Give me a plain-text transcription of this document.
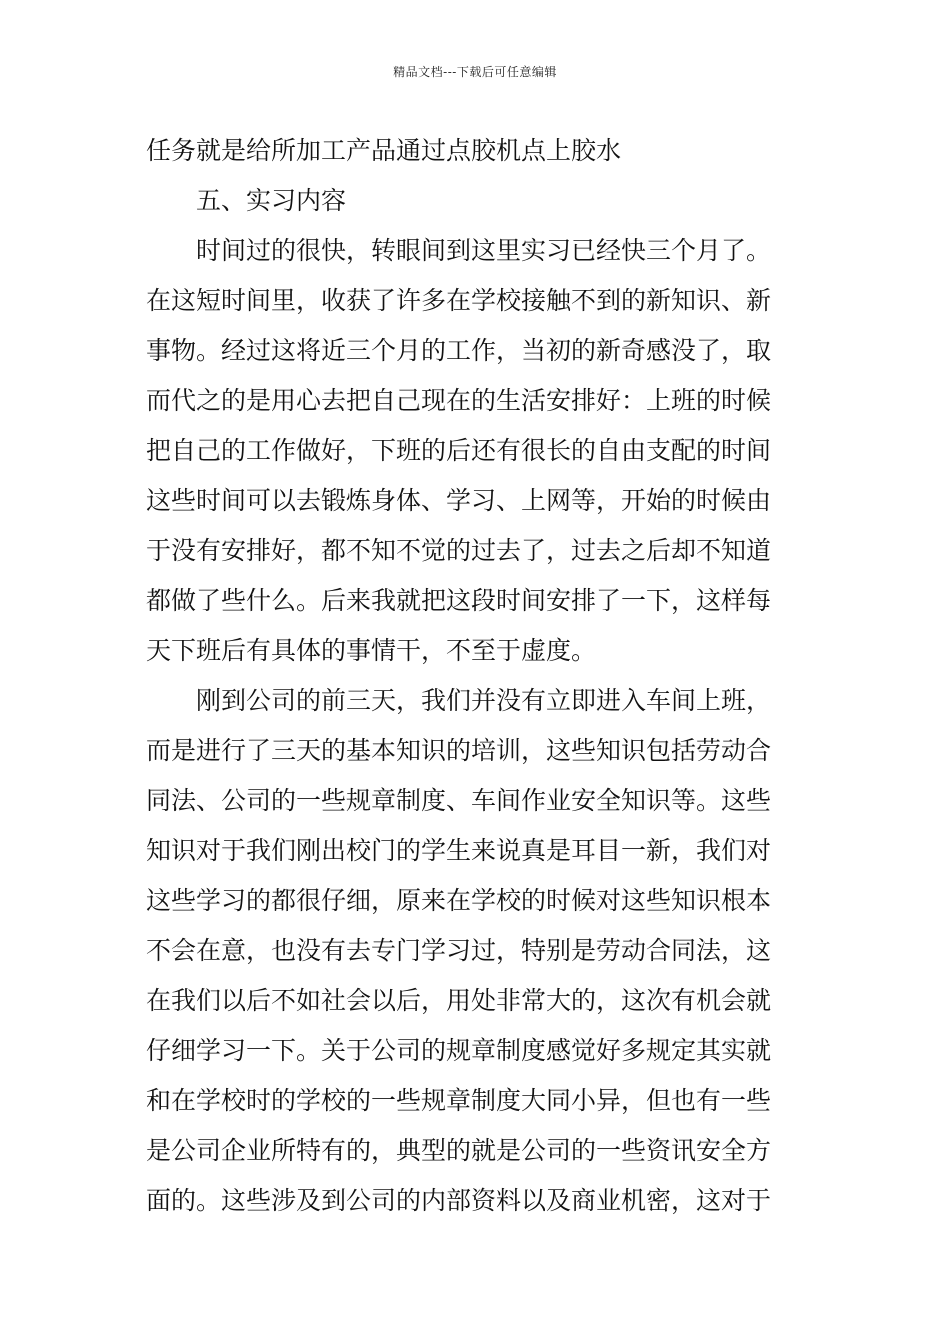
精品文档---下载后可任意编辑
任务就是给所加工产品通过点胶机点上胶水
五、实习内容
时间过的很快，转眼间到这里实习已经快三个月了。
在这短时间里，收获了许多在学校接触不到的新知识、新
事物。经过这将近三个月的工作，当初的新奇感没了，取
而代之的是用心去把自己现在的生活安排好：上班的时候
把自己的工作做好，下班的后还有很长的自由支配的时间
这些时间可以去锻炼身体、学习、上网等，开始的时候由
于没有安排好，都不知不觉的过去了，过去之后却不知道
都做了些什么。后来我就把这段时间安排了一下，这样每
天下班后有具体的事情干，不至于虚度。
刚到公司的前三天，我们并没有立即进入车间上班，
而是进行了三天的基本知识的培训，这些知识包括劳动合
同法、公司的一些规章制度、车间作业安全知识等。这些
知识对于我们刚出校门的学生来说真是耳目一新，我们对
这些学习的都很仔细，原来在学校的时候对这些知识根本
不会在意，也没有去专门学习过，特别是劳动合同法，这
在我们以后不如社会以后，用处非常大的，这次有机会就
仔细学习一下。关于公司的规章制度感觉好多规定其实就
和在学校时的学校的一些规章制度大同小异，但也有一些
是公司企业所特有的，典型的就是公司的一些资讯安全方
面的。这些涉及到公司的内部资料以及商业机密，这对于
